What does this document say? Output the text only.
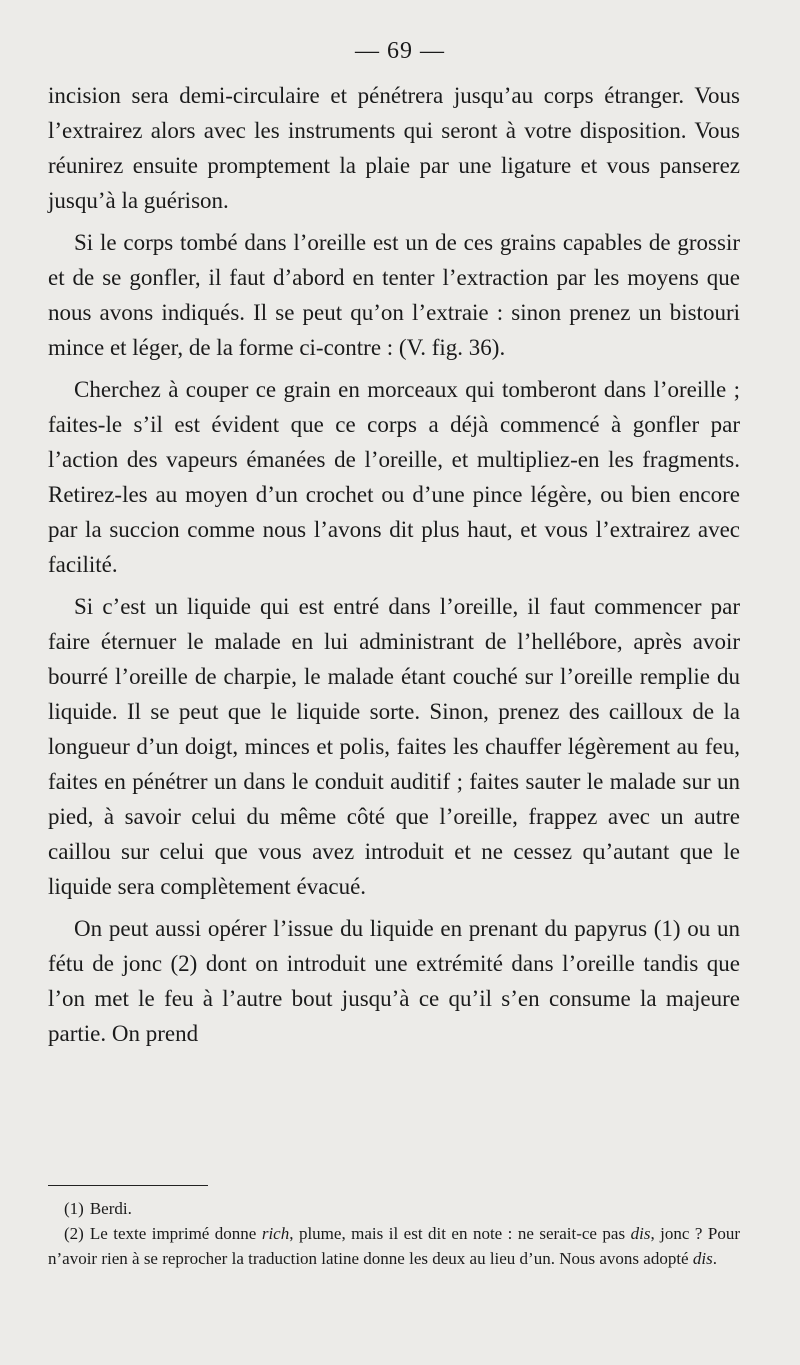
— 69 —

incision sera demi-circulaire et pénétrera jusqu’au corps étranger. Vous l’extrairez alors avec les instruments qui seront à votre disposition. Vous réunirez ensuite promptement la plaie par une ligature et vous panserez jusqu’à la guérison.

Si le corps tombé dans l’oreille est un de ces grains capables de grossir et de se gonfler, il faut d’abord en tenter l’extraction par les moyens que nous avons indiqués. Il se peut qu’on l’extraie : sinon prenez un bistouri mince et léger, de la forme ci-contre : (V. fig. 36).

Cherchez à couper ce grain en morceaux qui tomberont dans l’oreille ; faites-le s’il est évident que ce corps a déjà commencé à gonfler par l’action des vapeurs émanées de l’oreille, et multipliez-en les fragments. Retirez-les au moyen d’un crochet ou d’une pince légère, ou bien encore par la succion comme nous l’avons dit plus haut, et vous l’extrairez avec facilité.

Si c’est un liquide qui est entré dans l’oreille, il faut commencer par faire éternuer le malade en lui administrant de l’hellébore, après avoir bourré l’oreille de charpie, le malade étant couché sur l’oreille remplie du liquide. Il se peut que le liquide sorte. Sinon, prenez des cailloux de la longueur d’un doigt, minces et polis, faites les chauffer légèrement au feu, faites en pénétrer un dans le conduit auditif ; faites sauter le malade sur un pied, à savoir celui du même côté que l’oreille, frappez avec un autre caillou sur celui que vous avez introduit et ne cessez qu’autant que le liquide sera complètement évacué.

On peut aussi opérer l’issue du liquide en prenant du papyrus (1) ou un fétu de jonc (2) dont on introduit une extrémité dans l’oreille tandis que l’on met le feu à l’autre bout jusqu’à ce qu’il s’en consume la majeure partie. On prend

(1) Berdi.

(2) Le texte imprimé donne rich, plume, mais il est dit en note : ne serait-ce pas dis, jonc ? Pour n’avoir rien à se reprocher la traduction latine donne les deux au lieu d’un. Nous avons adopté dis.
